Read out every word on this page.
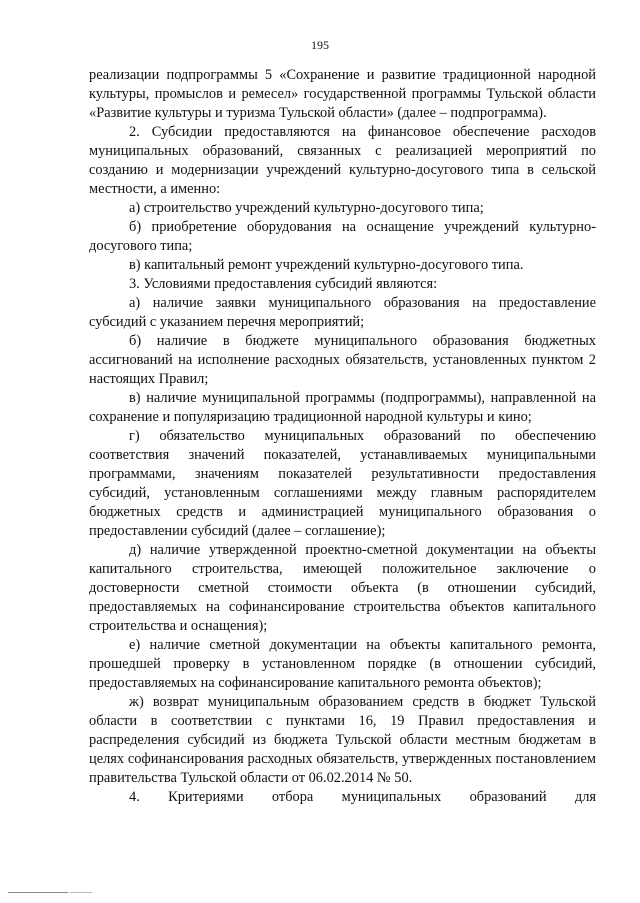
195

реализации подпрограммы 5 «Сохранение и развитие традиционной народной культуры, промыслов и ремесел» государственной программы Тульской области «Развитие культуры и туризма Тульской области» (далее – подпрограмма).

2. Субсидии предоставляются на финансовое обеспечение расходов муниципальных образований, связанных с реализацией мероприятий по созданию и модернизации учреждений культурно-досугового типа в сельской местности, а именно:

а) строительство учреждений культурно-досугового типа;

б) приобретение оборудования на оснащение учреждений культурно-досугового типа;

в) капитальный ремонт учреждений культурно-досугового типа.

3. Условиями предоставления субсидий являются:

а) наличие заявки муниципального образования на предоставление субсидий с указанием перечня мероприятий;

б) наличие в бюджете муниципального образования бюджетных ассигнований на исполнение расходных обязательств, установленных пунктом 2 настоящих Правил;

в) наличие муниципальной программы (подпрограммы), направленной на сохранение и популяризацию традиционной народной культуры и кино;

г) обязательство муниципальных образований по обеспечению соответствия значений показателей, устанавливаемых муниципальными программами, значениям показателей результативности предоставления субсидий, установленным соглашениями между главным распорядителем бюджетных средств и администрацией муниципального образования о предоставлении субсидий (далее – соглашение);

д) наличие утвержденной проектно-сметной документации на объекты капитального строительства, имеющей положительное заключение о достоверности сметной стоимости объекта (в отношении субсидий, предоставляемых на софинансирование строительства объектов капитального строительства и оснащения);

е) наличие сметной документации на объекты капитального ремонта, прошедшей проверку в установленном порядке (в отношении субсидий, предоставляемых на софинансирование капитального ремонта объектов);

ж) возврат муниципальным образованием средств в бюджет Тульской области в соответствии с пунктами 16, 19 Правил предоставления и распределения субсидий из бюджета Тульской области местным бюджетам в целях софинансирования расходных обязательств, утвержденных постановлением правительства Тульской области от 06.02.2014 № 50.

4. Критериями отбора муниципальных образований для
